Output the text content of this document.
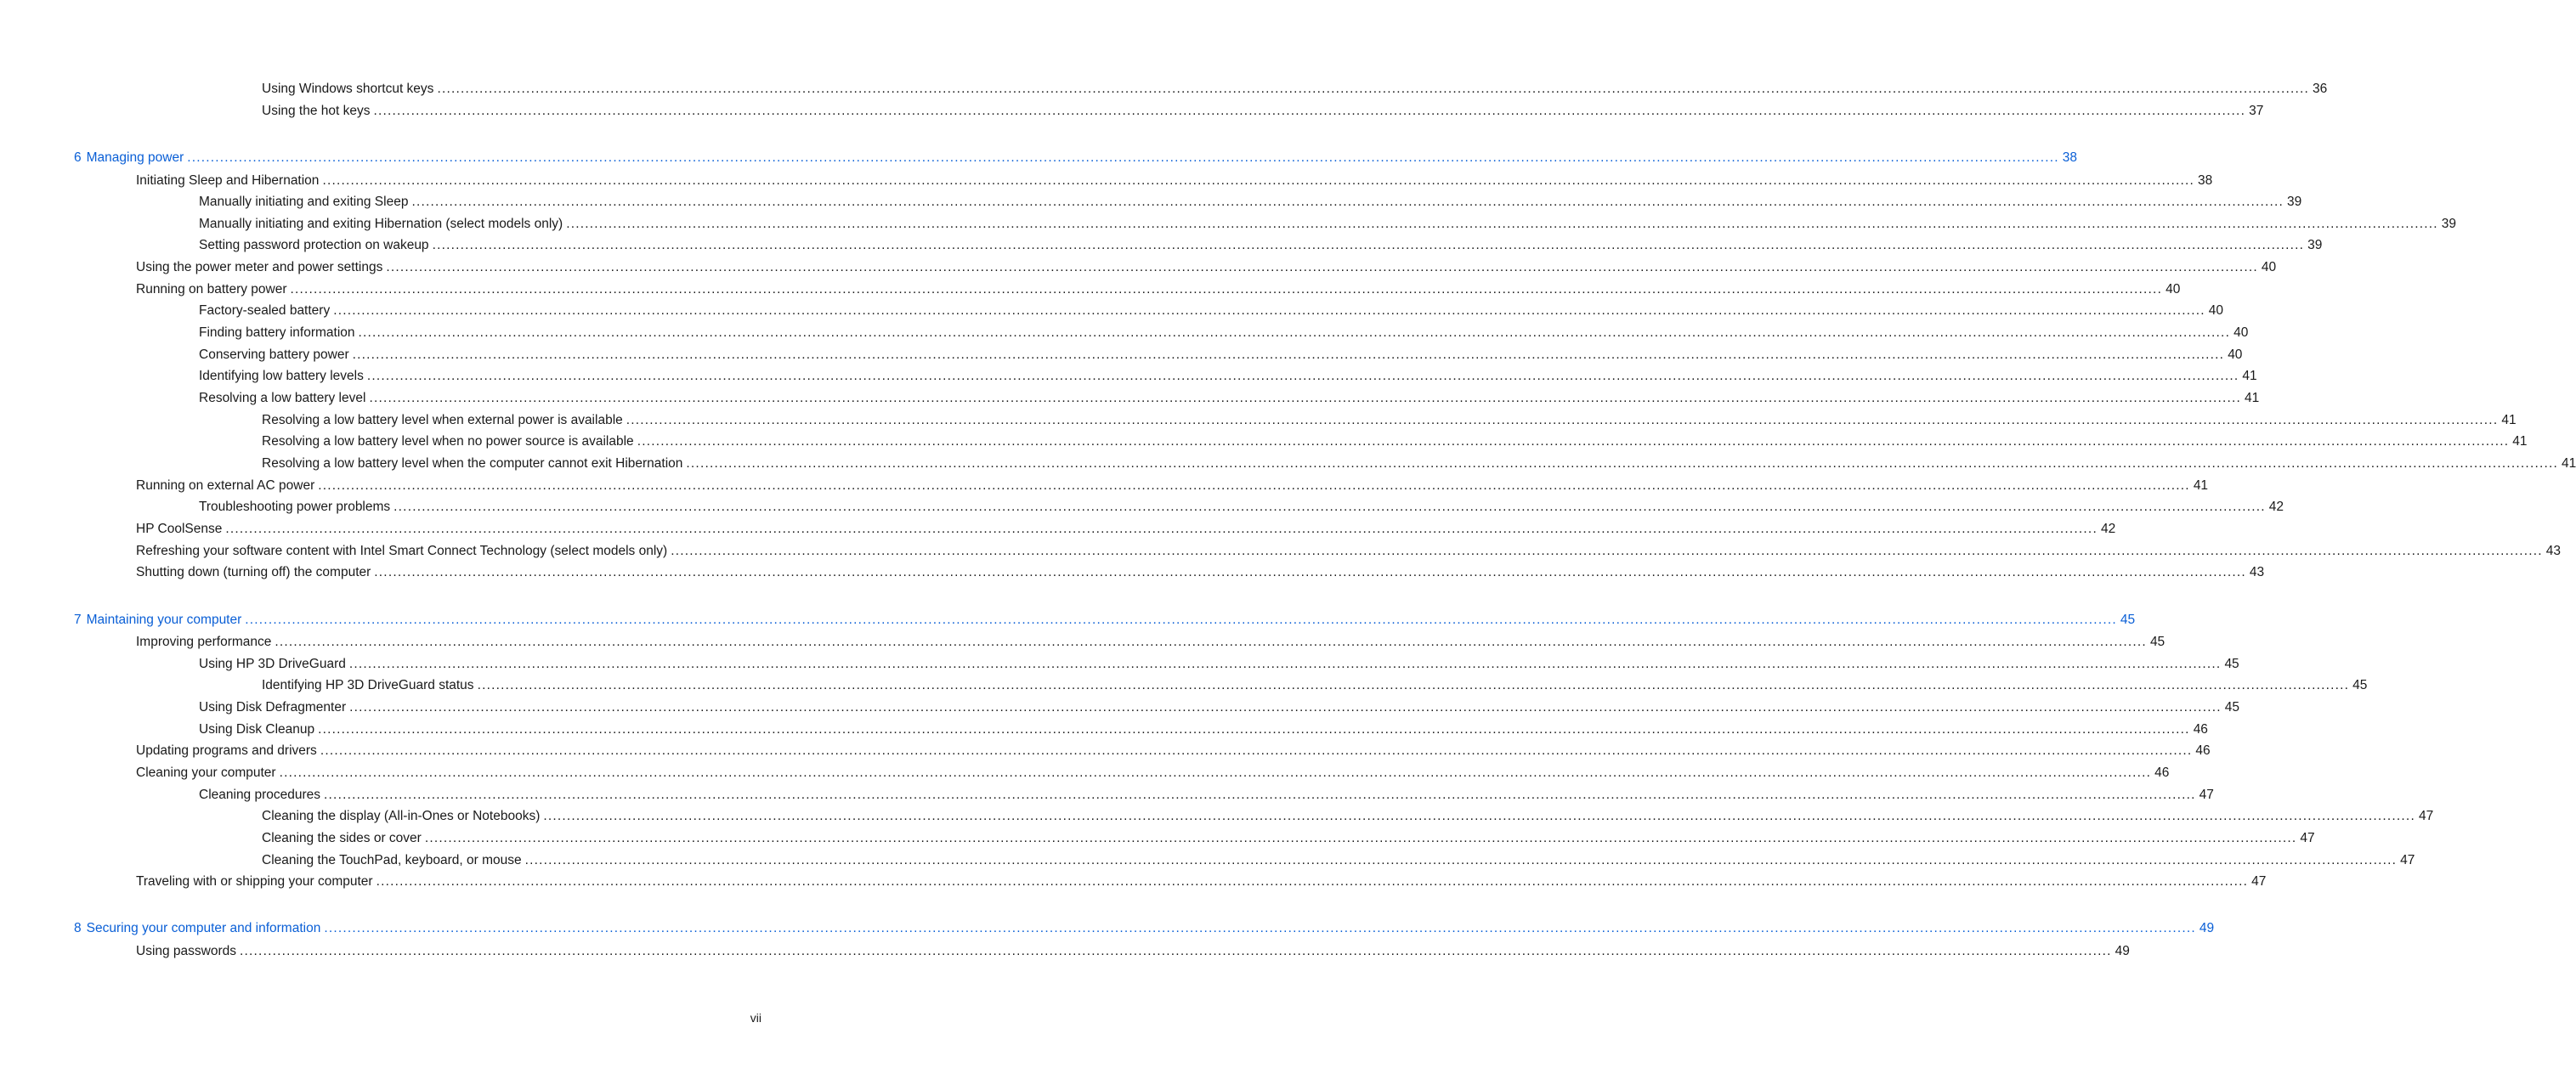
Using Windows shortcut keys ................................................................................................................................................................................................................................................................................................................................................................................................................ 36
Using the hot keys ................................................................................................................................................................................................................................................................................................................................................................................................................ 37
6 Managing power ................................................................................................................................................................................................................................................................................................................................................................................................................ 38
Initiating Sleep and Hibernation ................................................................................................................................................................................................................................................................................................................................................................................................................ 38
Manually initiating and exiting Sleep ................................................................................................................................................................................................................................................................................................................................................................................................................ 39
Manually initiating and exiting Hibernation (select models only) ................................................................................................................................................................................................................................................................................................................................................................................................................ 39
Setting password protection on wakeup ................................................................................................................................................................................................................................................................................................................................................................................................................ 39
Using the power meter and power settings ................................................................................................................................................................................................................................................................................................................................................................................................................ 40
Running on battery power ................................................................................................................................................................................................................................................................................................................................................................................................................ 40
Factory-sealed battery ................................................................................................................................................................................................................................................................................................................................................................................................................ 40
Finding battery information ................................................................................................................................................................................................................................................................................................................................................................................................................ 40
Conserving battery power ................................................................................................................................................................................................................................................................................................................................................................................................................ 40
Identifying low battery levels ................................................................................................................................................................................................................................................................................................................................................................................................................ 41
Resolving a low battery level ................................................................................................................................................................................................................................................................................................................................................................................................................ 41
Resolving a low battery level when external power is available ................................................................................................................................................................................................................................................................................................................................................................................................................ 41
Resolving a low battery level when no power source is available ................................................................................................................................................................................................................................................................................................................................................................................................................ 41
Resolving a low battery level when the computer cannot exit Hibernation ................................................................................................................................................................................................................................................................................................................................................................................................................ 41
Running on external AC power ................................................................................................................................................................................................................................................................................................................................................................................................................ 41
Troubleshooting power problems ................................................................................................................................................................................................................................................................................................................................................................................................................ 42
HP CoolSense ................................................................................................................................................................................................................................................................................................................................................................................................................ 42
Refreshing your software content with Intel Smart Connect Technology (select models only) ................................................................................................................................................................................................................................................................................................................................................................................................................ 43
Shutting down (turning off) the computer ................................................................................................................................................................................................................................................................................................................................................................................................................ 43
7 Maintaining your computer ................................................................................................................................................................................................................................................................................................................................................................................................................ 45
Improving performance ................................................................................................................................................................................................................................................................................................................................................................................................................ 45
Using HP 3D DriveGuard ................................................................................................................................................................................................................................................................................................................................................................................................................ 45
Identifying HP 3D DriveGuard status ................................................................................................................................................................................................................................................................................................................................................................................................................ 45
Using Disk Defragmenter ................................................................................................................................................................................................................................................................................................................................................................................................................ 45
Using Disk Cleanup ................................................................................................................................................................................................................................................................................................................................................................................................................ 46
Updating programs and drivers ................................................................................................................................................................................................................................................................................................................................................................................................................ 46
Cleaning your computer ................................................................................................................................................................................................................................................................................................................................................................................................................ 46
Cleaning procedures ................................................................................................................................................................................................................................................................................................................................................................................................................ 47
Cleaning the display (All-in-Ones or Notebooks) ................................................................................................................................................................................................................................................................................................................................................................................................................ 47
Cleaning the sides or cover ................................................................................................................................................................................................................................................................................................................................................................................................................ 47
Cleaning the TouchPad, keyboard, or mouse ................................................................................................................................................................................................................................................................................................................................................................................................................ 47
Traveling with or shipping your computer ................................................................................................................................................................................................................................................................................................................................................................................................................ 47
8 Securing your computer and information ................................................................................................................................................................................................................................................................................................................................................................................................................ 49
Using passwords ................................................................................................................................................................................................................................................................................................................................................................................................................ 49
vii
